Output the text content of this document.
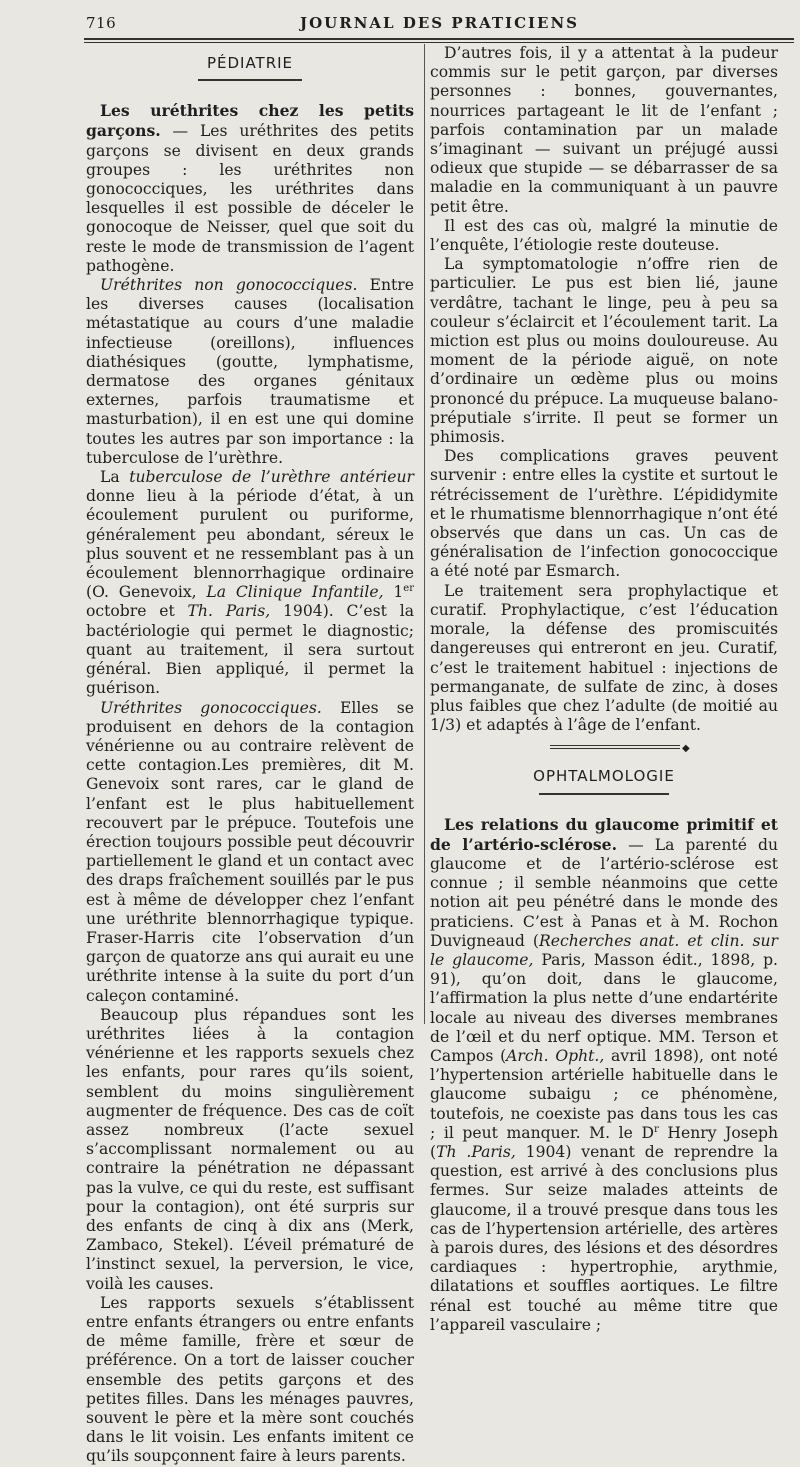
716	JOURNAL DES PRATICIENS
PÉDIATRIE

Les uréthrites chez les petits garçons. — Les uréthrites des petits garçons se divisent en deux grands groupes : les uréthrites non gonococciques, les uréthrites dans lesquelles il est possible de déceler le gonocoque de Neisser, quel que soit du reste le mode de transmission de l’agent pathogène.

Uréthrites non gonococciques. Entre les diverses causes (localisation métastatique au cours d’une maladie infectieuse (oreillons), influences diathésiques (goutte, lymphatisme, dermatose des organes génitaux externes, parfois traumatisme et masturbation), il en est une qui domine toutes les autres par son importance : la tuberculose de l’urèthre.

La tuberculose de l’urèthre antérieur donne lieu à la période d’état, à un écoulement purulent ou puriforme, généralement peu abondant, séreux le plus souvent et ne ressemblant pas à un écoulement blennorrhagique ordinaire (O. Genevoix, La Clinique Infantile, 1er octobre et Th. Paris, 1904). C’est la bactériologie qui permet le diagnostic; quant au traitement, il sera surtout général. Bien appliqué, il permet la guérison.

Uréthrites gonococciques. Elles se produisent en dehors de la contagion vénérienne ou au contraire relèvent de cette contagion.Les premières, dit M. Genevoix sont rares, car le gland de l’enfant est le plus habituellement recouvert par le prépuce. Toutefois une érection toujours possible peut découvrir partiellement le gland et un contact avec des draps fraîchement souillés par le pus est à même de développer chez l’enfant une uréthrite blennorrhagique typique. Fraser-Harris cite l’observation d’un garçon de quatorze ans qui aurait eu une uréthrite intense à la suite du port d’un caleçon contaminé.

Beaucoup plus répandues sont les uréthrites liées à la contagion vénérienne et les rapports sexuels chez les enfants, pour rares qu’ils soient, semblent du moins singulièrement augmenter de fréquence. Des cas de coït assez nombreux (l’acte sexuel s’accomplissant normalement ou au contraire la pénétration ne dépassant pas la vulve, ce qui du reste, est suffisant pour la contagion), ont été surpris sur des enfants de cinq à dix ans (Merk, Zambaco, Stekel). L’éveil prématuré de l’instinct sexuel, la perversion, le vice, voilà les causes.

Les rapports sexuels s’établissent entre enfants étrangers ou entre enfants de même famille, frère et sœur de préférence. On a tort de laisser coucher ensemble des petits garçons et des petites filles. Dans les ménages pauvres, souvent le père et la mère sont couchés dans le lit voisin. Les enfants imitent ce qu’ils soupçonnent faire à leurs parents.

D’autres fois, il y a attentat à la pudeur commis sur le petit garçon, par diverses personnes : bonnes, gouvernantes, nourrices partageant le lit de l’enfant ; parfois contamination par un malade s’imaginant — suivant un préjugé aussi odieux que stupide — se débarrasser de sa maladie en la communiquant à un pauvre petit être.

Il est des cas où, malgré la minutie de l’enquête, l’étiologie reste douteuse.

La symptomatologie n’offre rien de particulier. Le pus est bien lié, jaune verdâtre, tachant le linge, peu à peu sa couleur s’éclaircit et l’écoulement tarit. La miction est plus ou moins douloureuse. Au moment de la période aiguë, on note d’ordinaire un œdème plus ou moins prononcé du prépuce. La muqueuse balano-préputiale s’irrite. Il peut se former un phimosis.

Des complications graves peuvent survenir : entre elles la cystite et surtout le rétrécissement de l’urèthre. L’épididymite et le rhumatisme blennorrhagique n’ont été observés que dans un cas. Un cas de généralisation de l’infection gonococcique a été noté par Esmarch.

Le traitement sera prophylactique et curatif. Prophylactique, c’est l’éducation morale, la défense des promiscuités dangereuses qui entreront en jeu. Curatif, c’est le traitement habituel : injections de permanganate, de sulfate de zinc, à doses plus faibles que chez l’adulte (de moitié au 1/3) et adaptés à l’âge de l’enfant.

◆
OPHTALMOLOGIE

Les relations du glaucome primitif et de l’artério-sclérose. — La parenté du glaucome et de l’artério-sclérose est connue ; il semble néanmoins que cette notion ait peu pénétré dans le monde des praticiens. C’est à Panas et à M. Rochon Duvigneaud (Recherches anat. et clin. sur le glaucome, Paris, Masson édit., 1898, p. 91), qu’on doit, dans le glaucome, l’affirmation la plus nette d’une endartérite locale au niveau des diverses membranes de l’œil et du nerf optique. MM. Terson et Campos (Arch. Opht., avril 1898), ont noté l’hypertension artérielle habituelle dans le glaucome subaigu ; ce phénomène, toutefois, ne coexiste pas dans tous les cas ; il peut manquer. M. le $D^r$ Henry Joseph (Th .Paris, 1904) venant de reprendre la question, est arrivé à des conclusions plus fermes. Sur seize malades atteints de glaucome, il a trouvé presque dans tous les cas de l’hypertension artérielle, des artères à parois dures, des lésions et des désordres cardiaques : hypertrophie, arythmie, dilatations et souffles aortiques. Le filtre rénal est touché au même titre que l’appareil vasculaire ;
